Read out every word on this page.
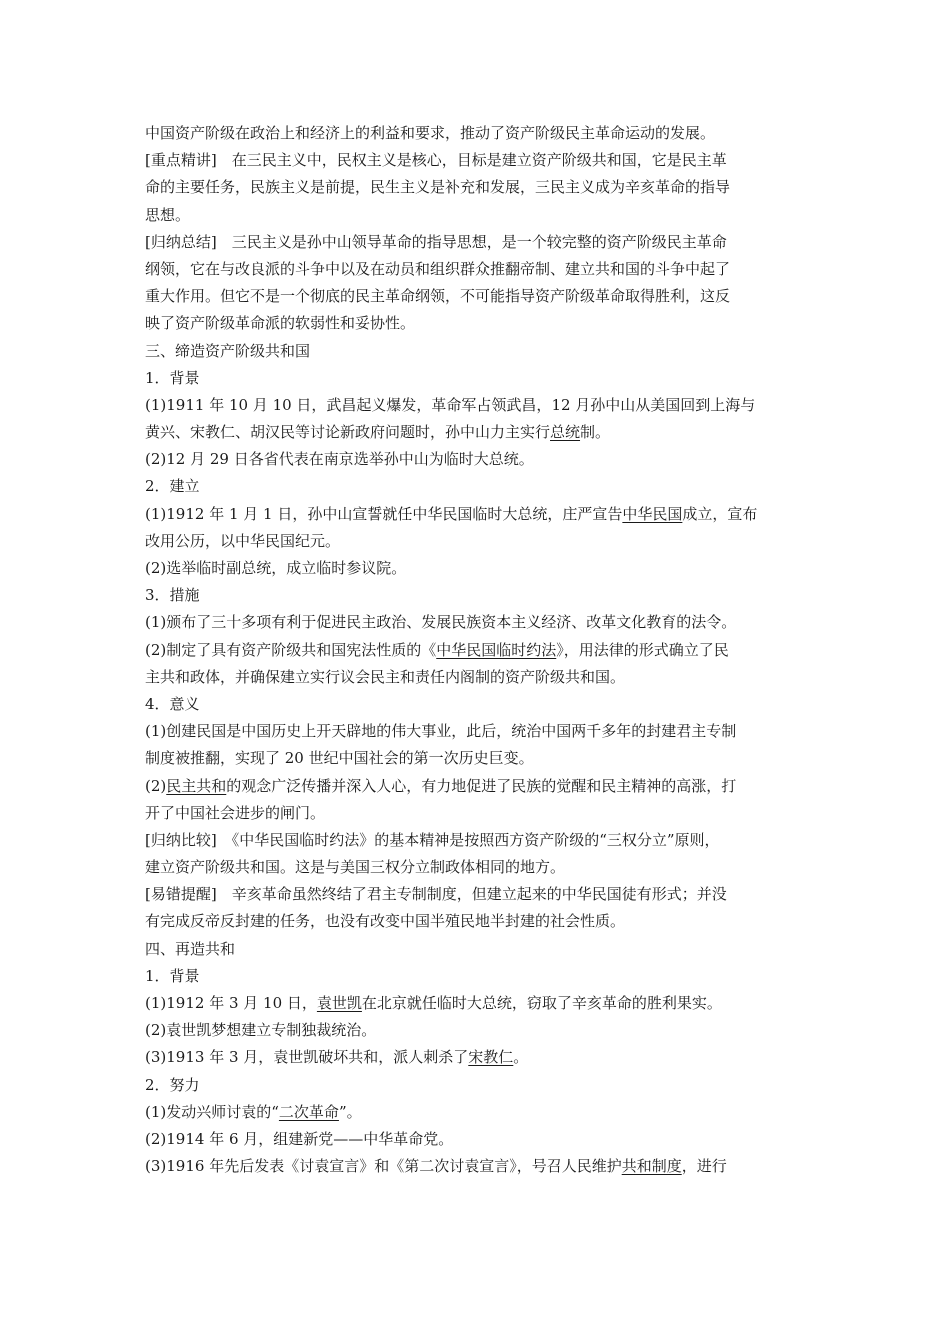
中国资产阶级在政治上和经济上的利益和要求，推动了资产阶级民主革命运动的发展。
[重点精讲]　在三民主义中，民权主义是核心，目标是建立资产阶级共和国，它是民主革
命的主要任务，民族主义是前提，民生主义是补充和发展，三民主义成为辛亥革命的指导
思想。
[归纳总结]　三民主义是孙中山领导革命的指导思想，是一个较完整的资产阶级民主革命
纲领，它在与改良派的斗争中以及在动员和组织群众推翻帝制、建立共和国的斗争中起了
重大作用。但它不是一个彻底的民主革命纲领，不可能指导资产阶级革命取得胜利，这反
映了资产阶级革命派的软弱性和妥协性。
三、缔造资产阶级共和国
1．背景
(1)1911 年 10 月 10 日，武昌起义爆发，革命军占领武昌，12 月孙中山从美国回到上海与
黄兴、宋教仁、胡汉民等讨论新政府问题时，孙中山力主实行总统制。
(2)12 月 29 日各省代表在南京选举孙中山为临时大总统。
2．建立
(1)1912 年 1 月 1 日，孙中山宣誓就任中华民国临时大总统，庄严宣告中华民国成立，宣布
改用公历，以中华民国纪元。
(2)选举临时副总统，成立临时参议院。
3．措施
(1)颁布了三十多项有利于促进民主政治、发展民族资本主义经济、改革文化教育的法令。
(2)制定了具有资产阶级共和国宪法性质的《中华民国临时约法》，用法律的形式确立了民
主共和政体，并确保建立实行议会民主和责任内阁制的资产阶级共和国。
4．意义
(1)创建民国是中国历史上开天辟地的伟大事业，此后，统治中国两千多年的封建君主专制
制度被推翻，实现了 20 世纪中国社会的第一次历史巨变。
(2)民主共和的观念广泛传播并深入人心，有力地促进了民族的觉醒和民主精神的高涨，打
开了中国社会进步的闸门。
[归纳比较]　《中华民国临时约法》的基本精神是按照西方资产阶级的“三权分立”原则，
建立资产阶级共和国。这是与美国三权分立制政体相同的地方。
[易错提醒]　辛亥革命虽然终结了君主专制制度，但建立起来的中华民国徒有形式；并没
有完成反帝反封建的任务，也没有改变中国半殖民地半封建的社会性质。
四、再造共和
1．背景
(1)1912 年 3 月 10 日，袁世凯在北京就任临时大总统，窃取了辛亥革命的胜利果实。
(2)袁世凯梦想建立专制独裁统治。
(3)1913 年 3 月，袁世凯破坏共和，派人刺杀了宋教仁。
2．努力
(1)发动兴师讨袁的“二次革命”。
(2)1914 年 6 月，组建新党——中华革命党。
(3)1916 年先后发表《讨袁宣言》和《第二次讨袁宣言》，号召人民维护共和制度，进行
